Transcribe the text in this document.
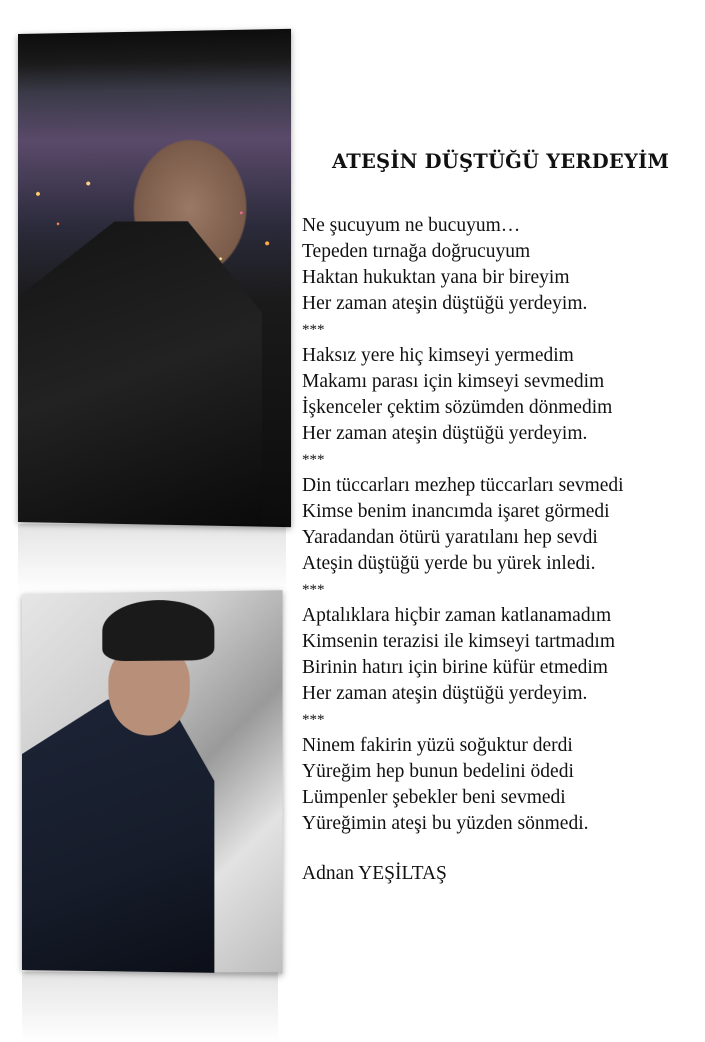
ATEŞİN DÜŞTÜĞÜ YERDEYİM
Ne şucuyum ne bucuyum…
Tepeden tırnağa doğrucuyum
Haktan hukuktan yana bir bireyim
Her zaman ateşin düştüğü yerdeyim.
***
Haksız yere hiç kimseyi yermedim
Makamı parası için kimseyi sevmedim
İşkenceler çektim sözümden dönmedim
Her zaman ateşin düştüğü yerdeyim.
***
Din tüccarları mezhep tüccarları sevmedi
Kimse benim inancımda işaret görmedi
Yaradandan ötürü yaratılanı hep sevdi
Ateşin düştüğü yerde bu yürek inledi.
***
Aptalıklara hiçbir zaman katlanamadım
Kimsenin terazisi ile kimseyi tartmadım
Birinin hatırı için birine küfür etmedim
Her zaman ateşin düştüğü yerdeyim.
***
Ninem fakirin yüzü soğuktur derdi
Yüreğim hep bunun bedelini ödedi
Lümpenler şebekler beni sevmedi
Yüreğimin ateşi bu yüzden sönmedi.
Adnan YEŞİLTAŞ
